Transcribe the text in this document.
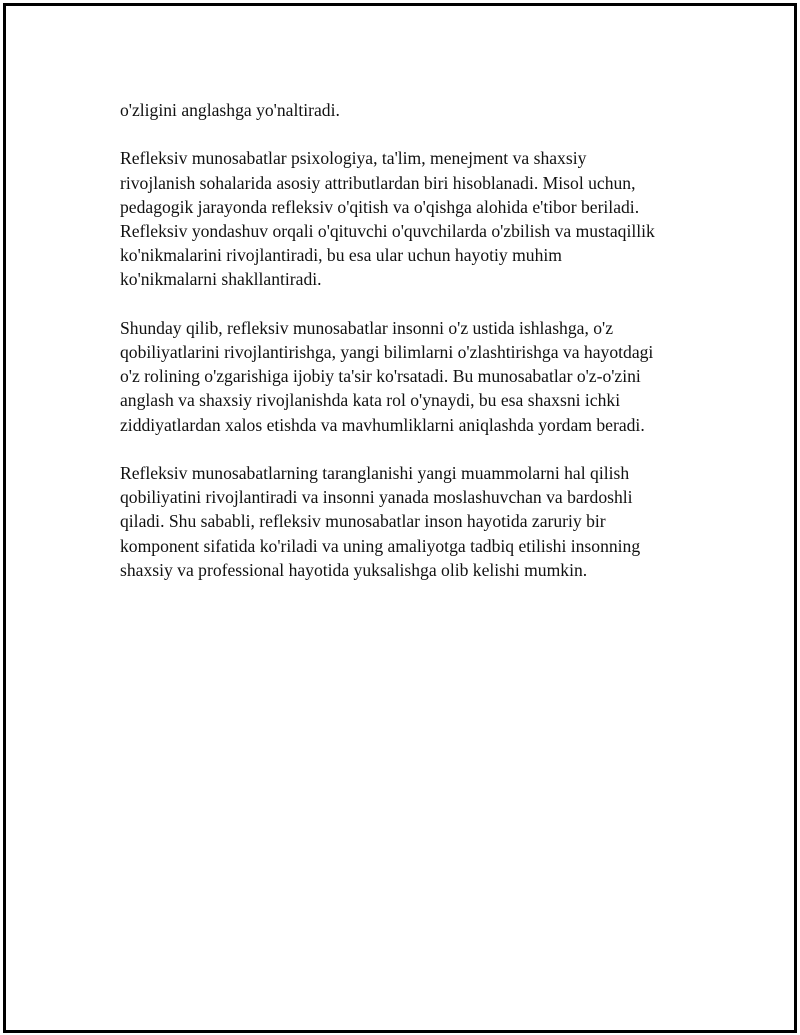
o'zligini anglashga yo'naltiradi.

Refleksiv munosabatlar psixologiya, ta'lim, menejment va shaxsiy
rivojlanish sohalarida asosiy attributlardan biri hisoblanadi. Misol uchun,
pedagogik jarayonda refleksiv o'qitish va o'qishga alohida e'tibor beriladi.
Refleksiv yondashuv orqali o'qituvchi o'quvchilarda o'zbilish va mustaqillik
ko'nikmalarini rivojlantiradi, bu esa ular uchun hayotiy muhim
ko'nikmalarni shakllantiradi.

Shunday qilib, refleksiv munosabatlar insonni o'z ustida ishlashga, o'z
qobiliyatlarini rivojlantirishga, yangi bilimlarni o'zlashtirishga va hayotdagi
o'z rolining o'zgarishiga ijobiy ta'sir ko'rsatadi. Bu munosabatlar o'z-o'zini
anglash va shaxsiy rivojlanishda kata rol o'ynaydi, bu esa shaxsni ichki
ziddiyatlardan xalos etishda va mavhumliklarni aniqlashda yordam beradi.

Refleksiv munosabatlarning taranglanishi yangi muammolarni hal qilish
qobiliyatini rivojlantiradi va insonni yanada moslashuvchan va bardoshli
qiladi. Shu sababli, refleksiv munosabatlar inson hayotida zaruriy bir
komponent sifatida ko'riladi va uning amaliyotga tadbiq etilishi insonning
shaxsiy va professional hayotida yuksalishga olib kelishi mumkin.
